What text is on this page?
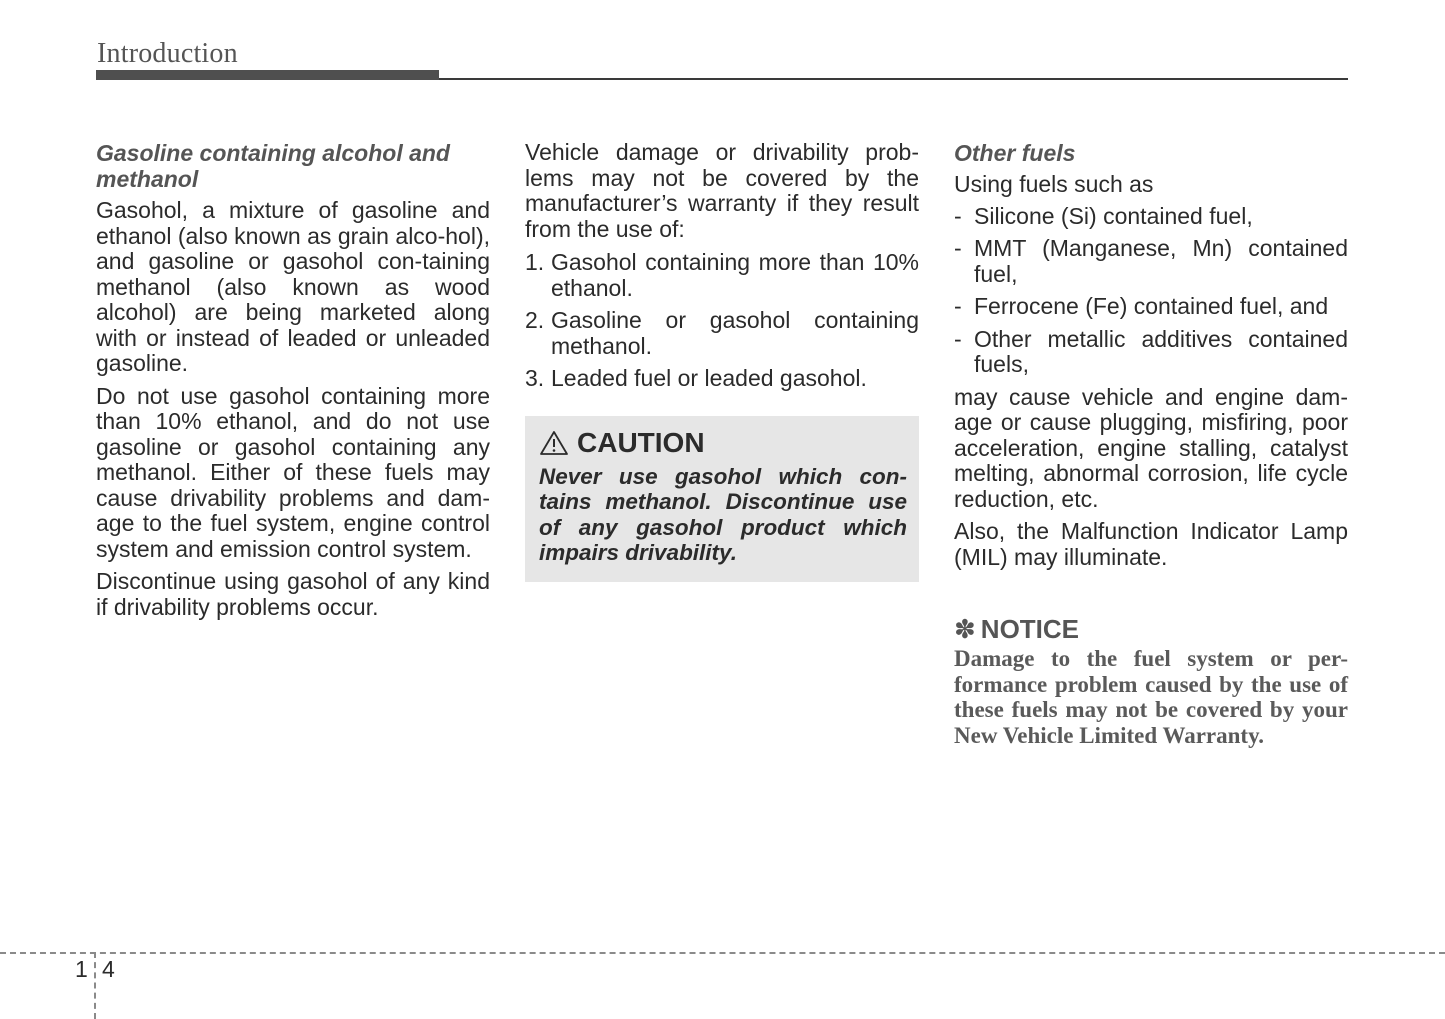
Introduction
Gasoline containing alcohol and methanol

Gasohol, a mixture of gasoline and ethanol (also known as grain alco-hol), and gasoline or gasohol con-taining methanol (also known as wood alcohol) are being marketed along with or instead of leaded or unleaded gasoline.

Do not use gasohol containing more than 10% ethanol, and do not use gasoline or gasohol containing any methanol. Either of these fuels may cause drivability problems and dam-age to the fuel system, engine control system and emission control system.

Discontinue using gasohol of any kind if drivability problems occur.

Vehicle damage or drivability prob-lems may not be covered by the manufacturer’s warranty if they result from the use of:

1. Gasohol containing more than 10% ethanol.
2. Gasoline or gasohol containing methanol.
3. Leaded fuel or leaded gasohol.
CAUTION
Never use gasohol which con-tains methanol. Discontinue use of any gasohol product which impairs drivability.
Other fuels

Using fuels such as

- Silicone (Si) contained fuel,
- MMT (Manganese, Mn) contained fuel,
- Ferrocene (Fe) contained fuel, and
- Other metallic additives contained fuels,

may cause vehicle and engine dam-age or cause plugging, misfiring, poor acceleration, engine stalling, catalyst melting, abnormal corrosion, life cycle reduction, etc.

Also, the Malfunction Indicator Lamp (MIL) may illuminate.

✽ NOTICE
Damage to the fuel system or per-formance problem caused by the use of these fuels may not be covered by your New Vehicle Limited Warranty.
1 4
